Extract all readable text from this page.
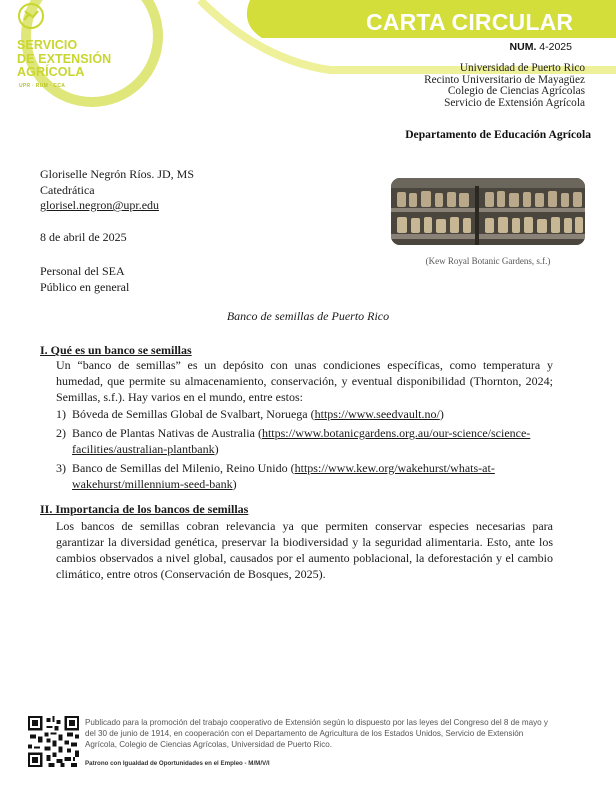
SERVICIO
DE EXTENSIÓN
AGRÍCOLA
UPR · RUM · CCA
CARTA CIRCULAR
NUM. 4-2025
Universidad de Puerto Rico
Recinto Universitario de Mayagüez
Colegio de Ciencias Agrícolas
Servicio de Extensión Agrícola
Departamento de Educación Agrícola
Gloriselle Negrón Ríos. JD, MS
Catedrática
glorisel.negron@upr.edu
8 de abril de 2025
Personal del SEA
Público en general
(Kew Royal Botanic Gardens, s.f.)
Banco de semillas de Puerto Rico
I. Qué es un banco se semillas
Un “banco de semillas” es un depósito con unas condiciones específicas, como temperatura y humedad, que permite su almacenamiento, conservación, y eventual disponibilidad (Thornton, 2024; Semillas, s.f.). Hay varios en el mundo, entre estos:
1) Bóveda de Semillas Global de Svalbart, Noruega (https://www.seedvault.no/)
2) Banco de Plantas Nativas de Australia (https://www.botanicgardens.org.au/our-science/science-facilities/australian-plantbank)
3) Banco de Semillas del Milenio, Reino Unido (https://www.kew.org/wakehurst/whats-at-wakehurst/millennium-seed-bank)
II. Importancia de los bancos de semillas
Los bancos de semillas cobran relevancia ya que permiten conservar especies necesarias para garantizar la diversidad genética, preservar la biodiversidad y la seguridad alimentaria. Esto, ante los cambios observados a nivel global, causados por el aumento poblacional, la deforestación y el cambio climático, entre otros (Conservación de Bosques, 2025).
Publicado para la promoción del trabajo cooperativo de Extensión según lo dispuesto por las leyes del Congreso del 8 de mayo y del 30 de junio de 1914, en cooperación con el Departamento de Agricultura de los Estados Unidos, Servicio de Extensión Agrícola, Colegio de Ciencias Agrícolas, Universidad de Puerto Rico.
Patrono con Igualdad de Oportunidades en el Empleo - M/M/V/I
